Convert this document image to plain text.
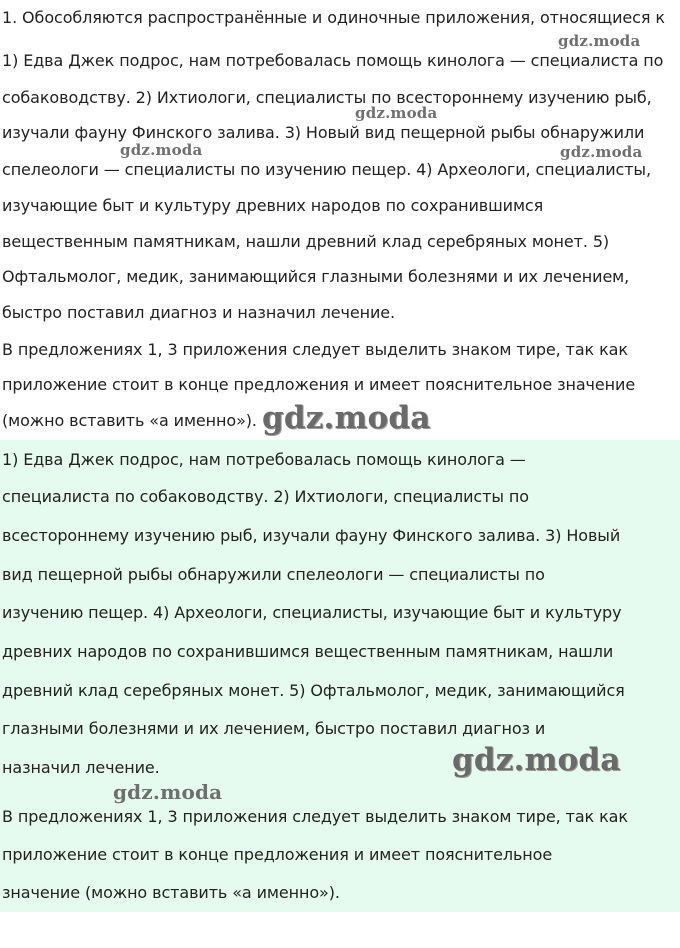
1. Обособляются распространённые и одиночные приложения, относящиеся к
1) Едва Джек подрос, нам потребовалась помощь кинолога — специалиста по
собаководству. 2) Ихтиологи, специалисты по всестороннему изучению рыб,
изучали фауну Финского залива. 3) Новый вид пещерной рыбы обнаружили
спелеологи — специалисты по изучению пещер. 4) Археологи, специалисты,
изучающие быт и культуру древних народов по сохранившимся
вещественным памятникам, нашли древний клад серебряных монет. 5)
Офтальмолог, медик, занимающийся глазными болезнями и их лечением,
быстро поставил диагноз и назначил лечение.
В предложениях 1, 3 приложения следует выделить знаком тире, так как
приложение стоит в конце предложения и имеет пояснительное значение
(можно вставить «а именно»).
1) Едва Джек подрос, нам потребовалась помощь кинолога —
специалиста по собаководству. 2) Ихтиологи, специалисты по
всестороннему изучению рыб, изучали фауну Финского залива. 3) Новый
вид пещерной рыбы обнаружили спелеологи — специалисты по
изучению пещер. 4) Археологи, специалисты, изучающие быт и культуру
древних народов по сохранившимся вещественным памятникам, нашли
древний клад серебряных монет. 5) Офтальмолог, медик, занимающийся
глазными болезнями и их лечением, быстро поставил диагноз и
назначил лечение.
В предложениях 1, 3 приложения следует выделить знаком тире, так как
приложение стоит в конце предложения и имеет пояснительное
значение (можно вставить «а именно»).
gdz.moda
gdz.moda
gdz.moda	gdz.moda
gdz.moda
gdz.moda
gdz.moda
